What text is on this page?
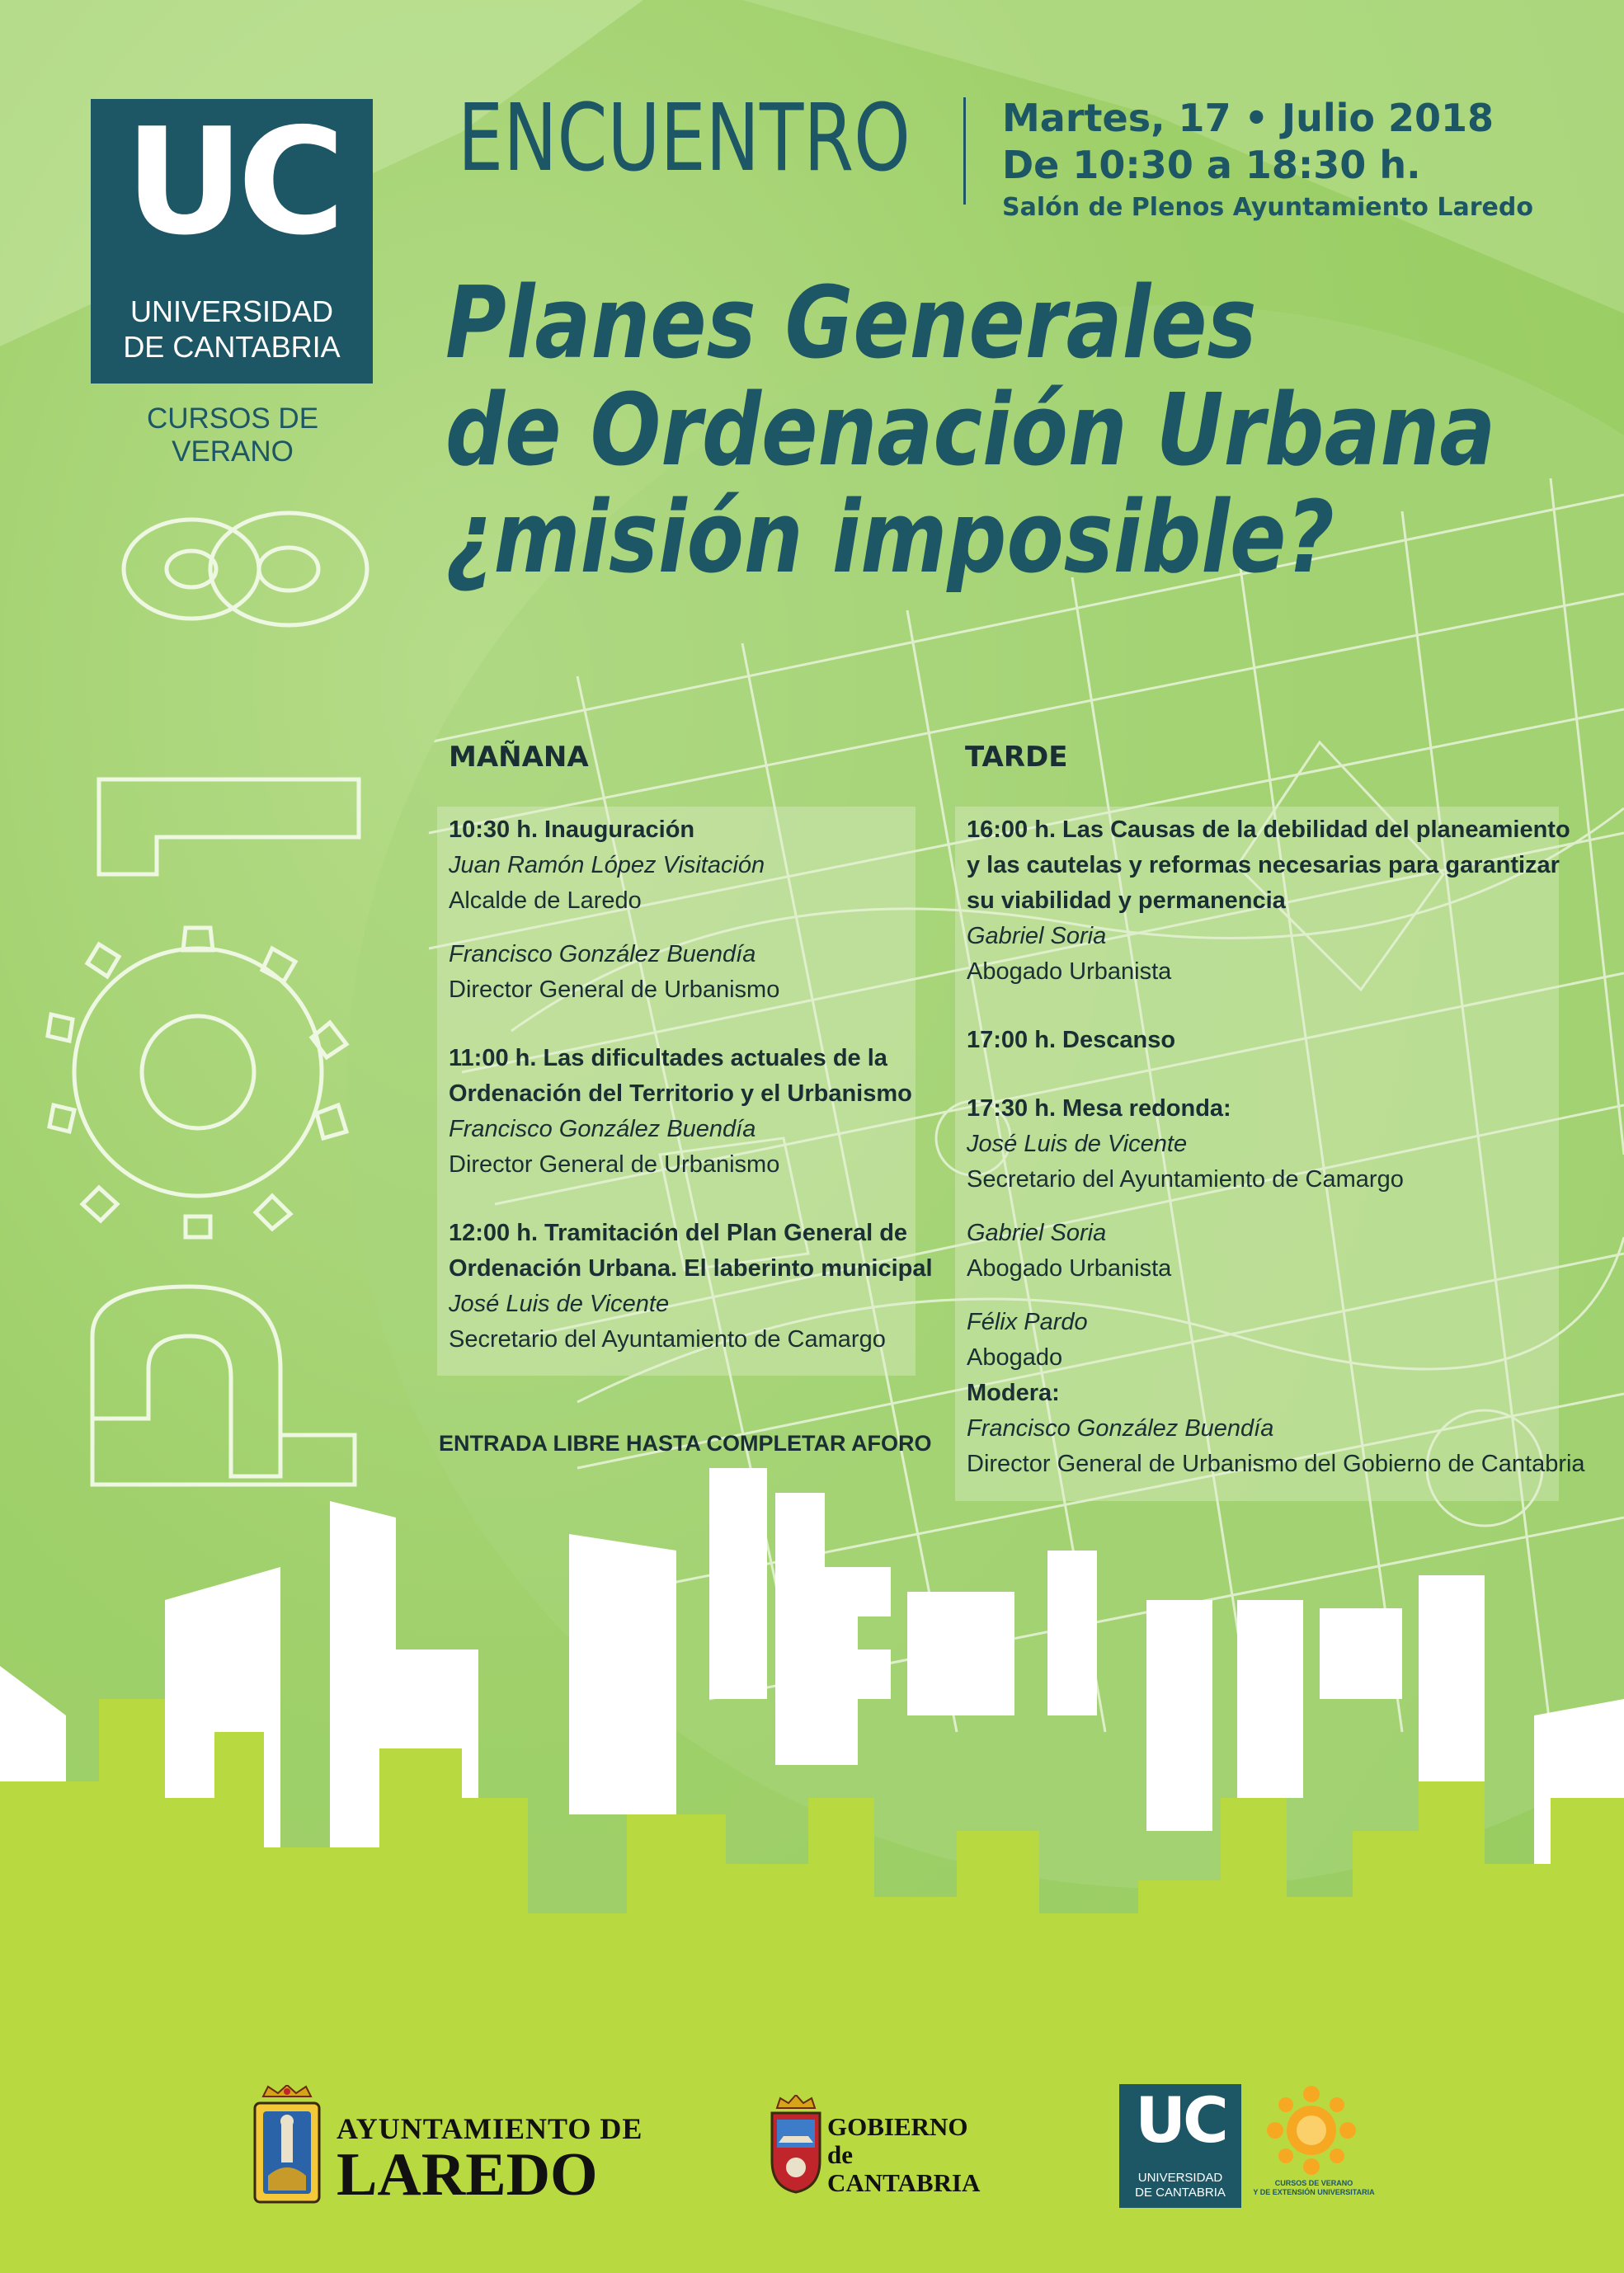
UC
UNIVERSIDAD
DE CANTABRIA
CURSOS DE VERANO
ENCUENTRO Martes, 17 • Julio 2018
De 10:30 a 18:30 h.
Salón de Plenos Ayuntamiento Laredo
Planes Generales
de Ordenación Urbana
¿misión imposible?
MAÑANA	TARDE
10:30 h. Inauguración
Juan Ramón López Visitación
Alcalde de Laredo
Francisco González Buendía
Director General de Urbanismo
11:00 h. Las dificultades actuales de la
Ordenación del Territorio y el Urbanismo
Francisco González Buendía
Director General de Urbanismo
12:00 h. Tramitación del Plan General de
Ordenación Urbana. El laberinto municipal
José Luis de Vicente
Secretario del Ayuntamiento de Camargo
16:00 h. Las Causas de la debilidad del planeamiento
y las cautelas y reformas necesarias para garantizar
su viabilidad y permanencia
Gabriel Soria
Abogado Urbanista
17:00 h. Descanso
17:30 h. Mesa redonda:
José Luis de Vicente
Secretario del Ayuntamiento de Camargo
Gabriel Soria
Abogado Urbanista
Félix Pardo
Abogado
Modera:
Francisco González Buendía
Director General de Urbanismo del Gobierno de Cantabria
ENTRADA LIBRE HASTA COMPLETAR AFORO
AYUNTAMIENTO DE
LAREDO
GOBIERNO
de
CANTABRIA
UC
UNIVERSIDAD
DE CANTABRIA
CURSOS DE VERANO
Y DE EXTENSIÓN UNIVERSITARIA
